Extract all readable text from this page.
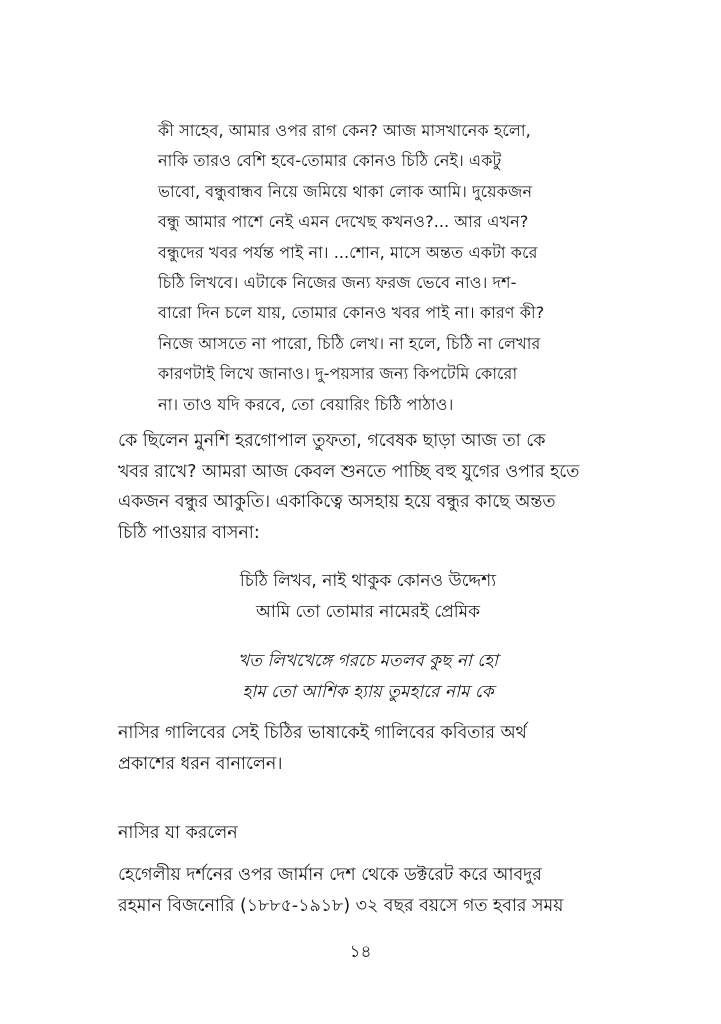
কী সাহেব, আমার ওপর রাগ কেন? আজ মাসখানেক হলো,
নাকি তারও বেশি হবে-তোমার কোনও চিঠি নেই। একটু
ভাবো, বন্ধুবান্ধব নিয়ে জমিয়ে থাকা লোক আমি। দুয়েকজন
বন্ধু আমার পাশে নেই এমন দেখেছ কখনও?... আর এখন?
বন্ধুদের খবর পর্যন্ত পাই না। ...শোন, মাসে অন্তত একটা করে
চিঠি লিখবে। এটাকে নিজের জন্য ফরজ ভেবে নাও। দশ-
বারো দিন চলে যায়, তোমার কোনও খবর পাই না। কারণ কী?
নিজে আসতে না পারো, চিঠি লেখ। না হলে, চিঠি না লেখার
কারণটাই লিখে জানাও। দু-পয়সার জন্য কিপটেমি কোরো
না। তাও যদি করবে, তো বেয়ারিং চিঠি পাঠাও।
কে ছিলেন মুনশি হরগোপাল তুফতা, গবেষক ছাড়া আজ তা কে
খবর রাখে? আমরা আজ কেবল শুনতে পাচ্ছি বহু যুগের ওপার হতে
একজন বন্ধুর আকুতি। একাকিত্বে অসহায় হয়ে বন্ধুর কাছে অন্তত
চিঠি পাওয়ার বাসনা:
চিঠি লিখব, নাই থাকুক কোনও উদ্দেশ্য
আমি তো তোমার নামেরই প্রেমিক
খত লিখখেঙ্গে গরচে মতলব কুছ না হো
হাম তো আশিক হ্যায় তুমহারে নাম কে
নাসির গালিবের সেই চিঠির ভাষাকেই গালিবের কবিতার অর্থ
প্রকাশের ধরন বানালেন।
নাসির যা করলেন
হেগেলীয় দর্শনের ওপর জার্মান দেশ থেকে ডক্টরেট করে আবদুর
রহমান বিজনোরি (১৮৮৫-১৯১৮) ৩২ বছর বয়সে গত হবার সময়
১৪
